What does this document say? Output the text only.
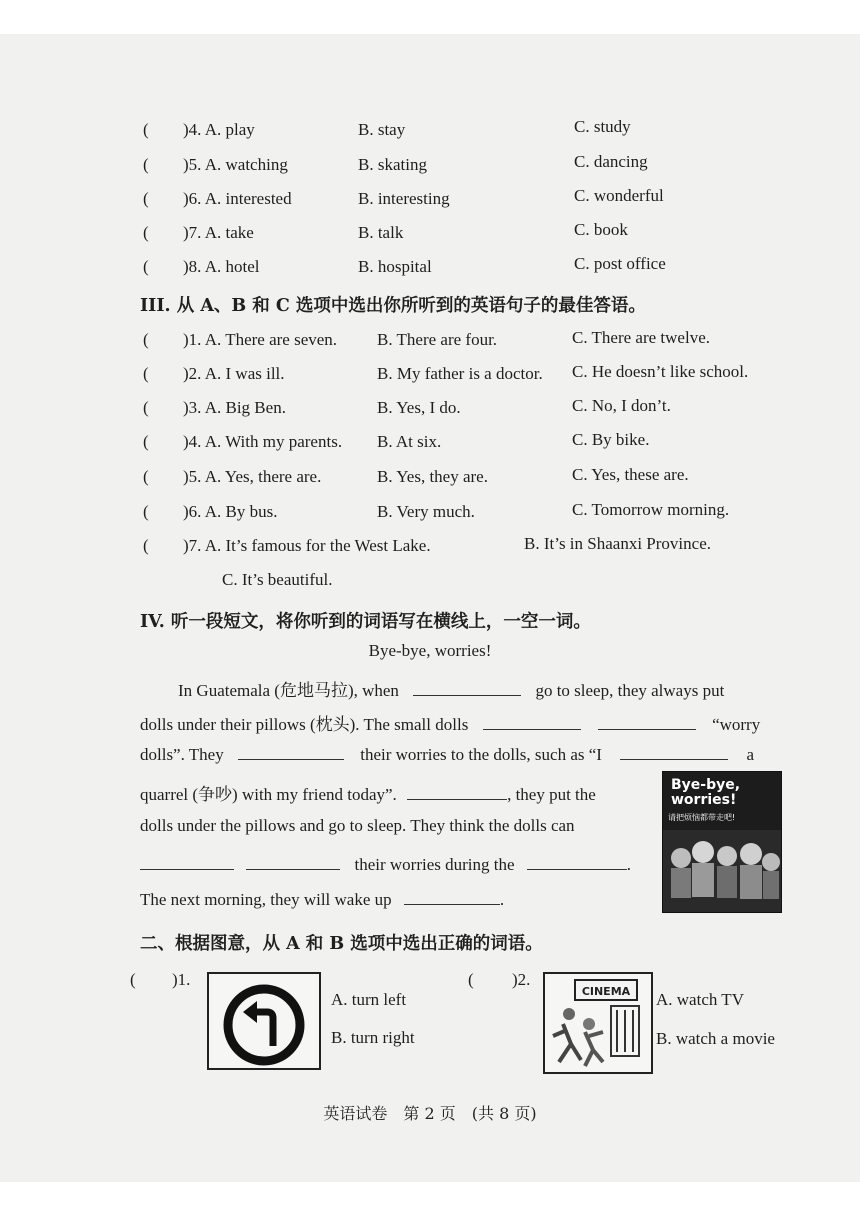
( )4. A. play	B. stay	C. study
( )5. A. watching	B. skating	C. dancing
( )6. A. interested	B. interesting	C. wonderful
( )7. A. take	B. talk	C. book
( )8. A. hotel	B. hospital	C. post office
III. 从 A、B 和 C 选项中选出你所听到的英语句子的最佳答语。
( )1. A. There are seven. B. There are four.	C. There are twelve.
( )2. A. I was ill.	B. My father is a doctor. C. He doesn’t like school.
( )3. A. Big Ben.	B. Yes, I do.	C. No, I don’t.
( )4. A. With my parents. B. At six.	C. By bike.
( )5. A. Yes, there are.	B. Yes, they are.	C. Yes, these are.
( )6. A. By bus.	B. Very much.	C. Tomorrow morning.
( )7. A. It’s famous for the West Lake.	B. It’s in Shaanxi Province.
C. It’s beautiful.
IV. 听一段短文，将你听到的词语写在横线上，一空一词。
Bye-bye, worries!
In Guatemala (危地马拉), when	go to sleep, they always put
dolls under their pillows (枕头). The small dolls	“worry
dolls”. They	their worries to the dolls, such as “I	a
quarrel (争吵) with my friend today”.	, they put the
dolls under the pillows and go to sleep. They think the dolls can
their worries during the	.
The next morning, they will wake up	.
Bye-bye, worries!
请把烦恼都带走吧!
二、根据图意，从 A 和 B 选项中选出正确的词语。
( )1.
A. turn left
B. turn right
( )2.
A. watch TV
B. watch a movie
CINEMA
英语试卷　第 2 页　(共 8 页)
